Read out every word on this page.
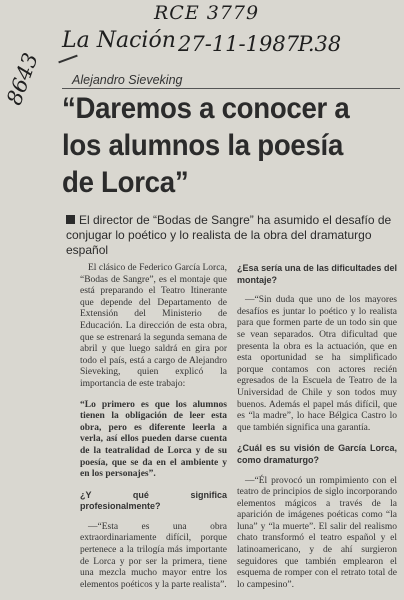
RCE 3779
La Nación 27-11-1987
P.38
8643 Alejandro Sieveking
“Daremos a conocer a los alumnos la poesía de Lorca”
El director de “Bodas de Sangre” ha asumido el desafío de conjugar lo poético y lo realista de la obra del dramaturgo español

El clásico de Federico García Lorca, “Bodas de Sangre”, es el montaje que está preparando el Teatro Itinerante que depende del Departamento de Extensión del Ministerio de Educación. La dirección de esta obra, que se estrenará la segunda semana de abril y que luego saldrá en gira por todo el país, está a cargo de Alejandro Sieveking, quien explicó la importancia de este trabajo:

“Lo primero es que los alumnos tienen la obligación de leer esta obra, pero es diferente leerla a verla, así ellos pueden darse cuenta de la teatralidad de Lorca y de su poesía, que se da en el ambiente y en los personajes”.

¿Y qué significa profesionalmente?

—“Esta es una obra extraordinariamente difícil, porque pertenece a la trilogía más importante de Lorca y por ser la primera, tiene una mezcla mucho mayor entre los elementos poéticos y la parte realista”.

¿Esa sería una de las dificultades del montaje?

—“Sin duda que uno de los mayores desafíos es juntar lo poético y lo realista para que formen parte de un todo sin que se vean separados. Otra dificultad que presenta la obra es la actuación, que en esta oportunidad se ha simplificado porque contamos con actores recién egresados de la Escuela de Teatro de la Universidad de Chile y son todos muy buenos. Además el papel más difícil, que es “la madre”, lo hace Bélgica Castro lo que también significa una garantía.

¿Cuál es su visión de García Lorca, como dramaturgo?

—“Él provocó un rompimiento con el teatro de principios de siglo incorporando elementos mágicos a través de la aparición de imágenes poéticas como “la luna” y “la muerte”. El salir del realismo chato transformó el teatro español y el latinoamericano, y de ahí surgieron seguidores que también emplearon el esquema de romper con el retrato total de lo campesino”.
